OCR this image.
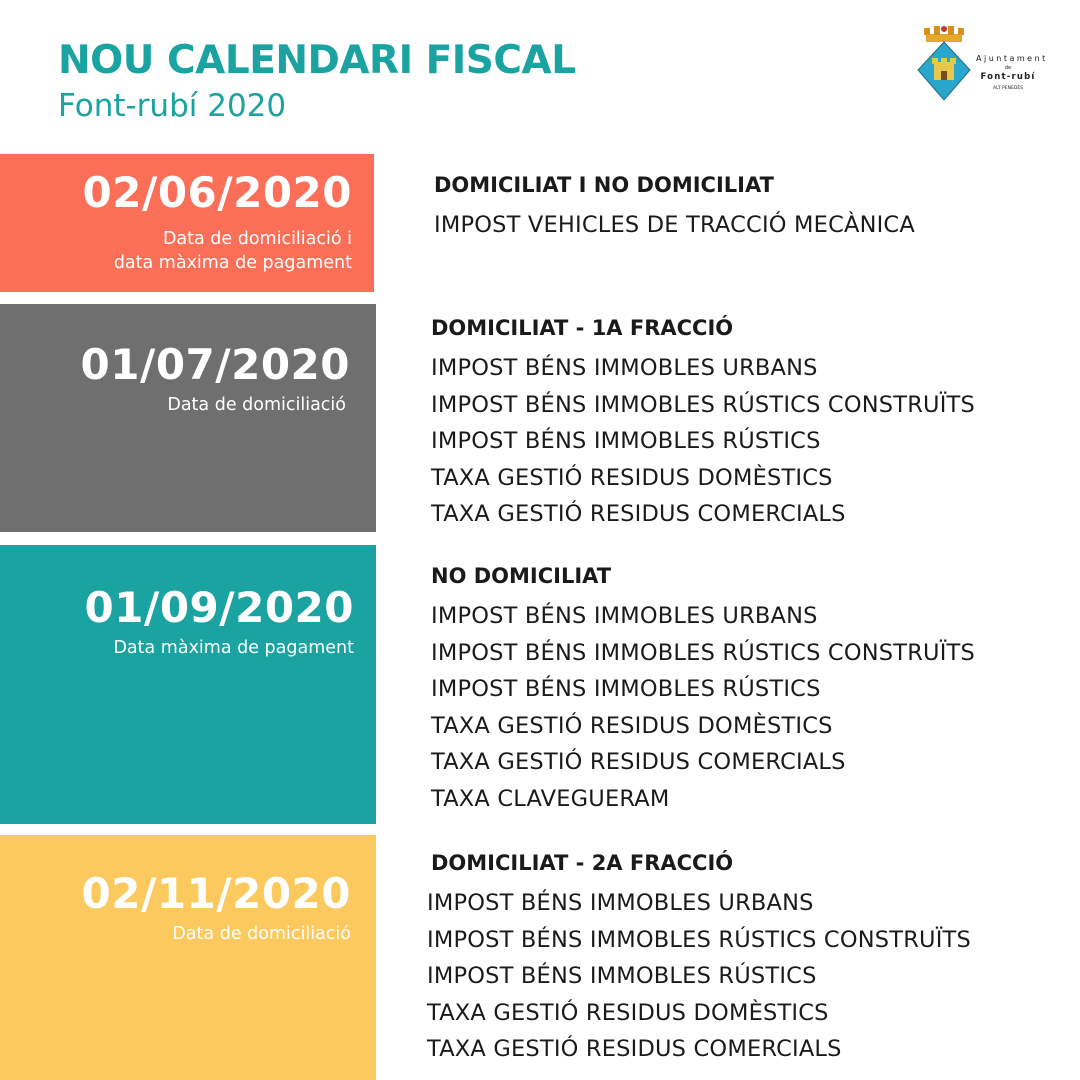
NOU CALENDARI FISCAL
Font-rubí 2020
Ajuntament
de
Font-rubí
ALT PENEDÈS
02/06/2020
Data de domiciliació i
data màxima de pagament
DOMICILIAT I NO DOMICILIAT
IMPOST VEHICLES DE TRACCIÓ MECÀNICA
01/07/2020
Data de domiciliació
DOMICILIAT - 1A FRACCIÓ
IMPOST BÉNS IMMOBLES URBANS
IMPOST BÉNS IMMOBLES RÚSTICS CONSTRUÏTS
IMPOST BÉNS IMMOBLES RÚSTICS
TAXA GESTIÓ RESIDUS DOMÈSTICS
TAXA GESTIÓ RESIDUS COMERCIALS
01/09/2020
Data màxima de pagament
NO DOMICILIAT
IMPOST BÉNS IMMOBLES URBANS
IMPOST BÉNS IMMOBLES RÚSTICS CONSTRUÏTS
IMPOST BÉNS IMMOBLES RÚSTICS
TAXA GESTIÓ RESIDUS DOMÈSTICS
TAXA GESTIÓ RESIDUS COMERCIALS
TAXA CLAVEGUERAM
02/11/2020
Data de domiciliació
DOMICILIAT - 2A FRACCIÓ
IMPOST BÉNS IMMOBLES URBANS
IMPOST BÉNS IMMOBLES RÚSTICS CONSTRUÏTS
IMPOST BÉNS IMMOBLES RÚSTICS
TAXA GESTIÓ RESIDUS DOMÈSTICS
TAXA GESTIÓ RESIDUS COMERCIALS
